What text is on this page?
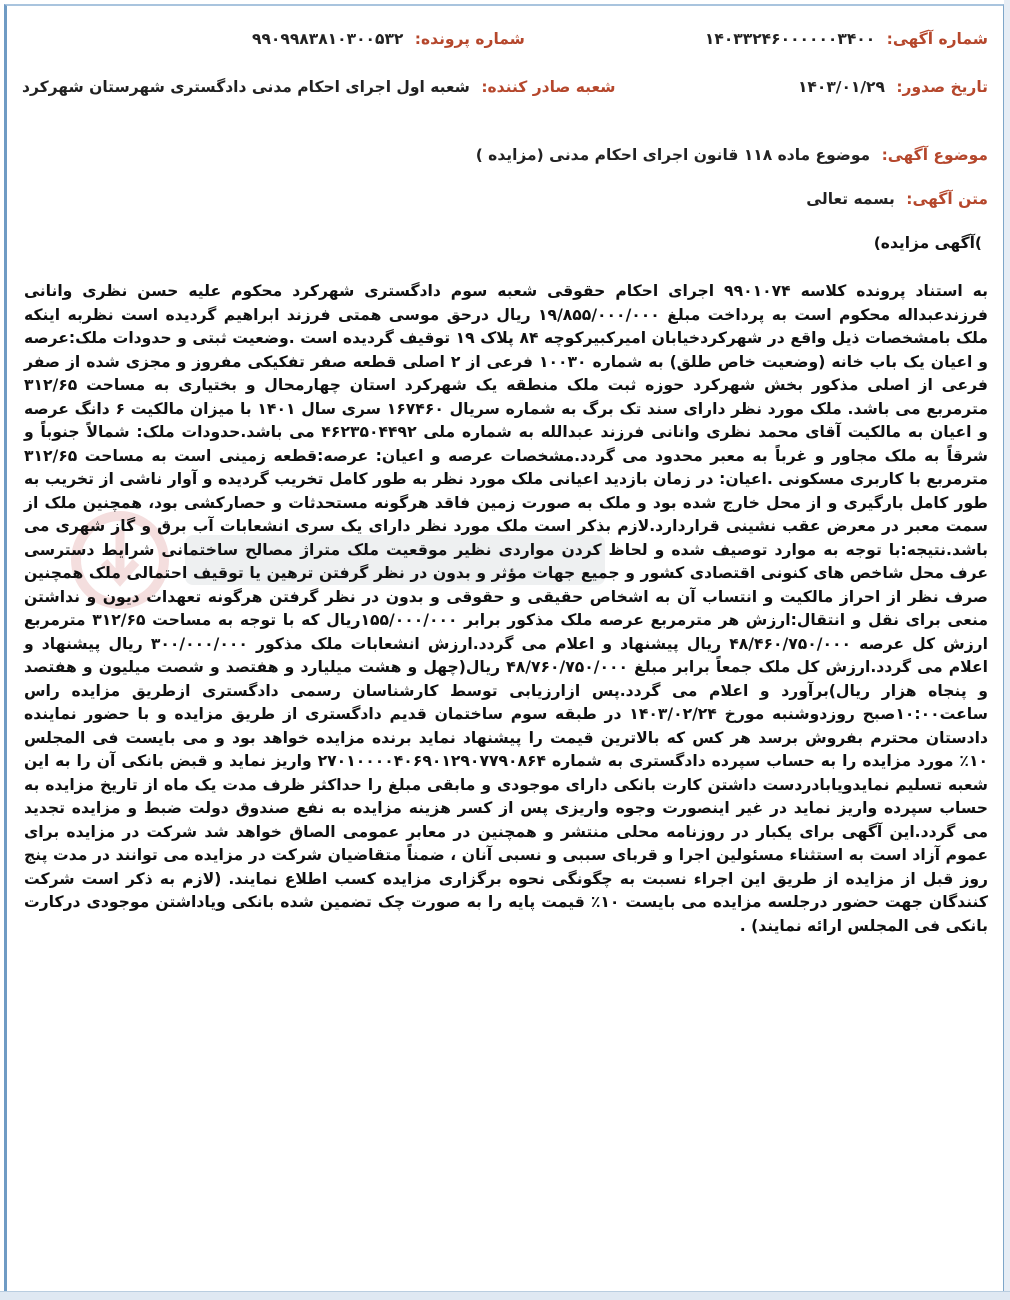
شماره آگهی: ۱۴۰۳۳۲۴۶۰۰۰۰۰۰۳۴۰۰
شماره پرونده: ۹۹۰۹۹۸۳۸۱۰۳۰۰۵۳۲
تاریخ صدور: ۱۴۰۳/۰۱/۲۹
شعبه صادر کننده: شعبه اول اجرای احکام مدنی دادگستری شهرستان شهرکرد
موضوع آگهی: موضوع ماده ۱۱۸ قانون اجرای احکام مدنی (مزایده )
متن آگهی: بسمه تعالی
)آگهی مزایده)
به استناد پرونده کلاسه ۹۹۰۱۰۷۴ اجرای احکام حقوقی شعبه سوم دادگستری شهرکرد محکوم علیه حسن نظری وانانی فرزندعبداله محکوم است به پرداخت مبلغ ۱۹/۸۵۵/۰۰۰/۰۰۰ ریال درحق موسی همتی فرزند ابراهیم گردیده است نظربه اینکه ملک بامشخصات ذیل واقع در شهرکردخیابان امیرکبیرکوچه ۸۴ پلاک ۱۹ توقیف گردیده است .وضعیت ثبتی و حدودات ملک:عرصه و اعیان یک باب خانه (وضعیت خاص طلق) به شماره ۱۰۰۳۰ فرعی از ۲ اصلی قطعه صفر تفکیکی مفروز و مجزی شده از صفر فرعی از اصلی مذکور بخش شهرکرد حوزه ثبت ملک منطقه یک شهرکرد استان چهارمحال و بختیاری به مساحت ۳۱۲/۶۵ مترمربع می باشد. ملک مورد نظر دارای سند تک برگ به شماره سریال ۱۶۷۴۶۰ سری سال ۱۴۰۱ با میزان مالکیت ۶ دانگ عرصه و اعیان به مالکیت آقای محمد نظری وانانی فرزند عبدالله به شماره ملی ۴۶۲۳۵۰۴۴۹۲ می باشد.حدودات ملک: شمالاً جنوباً و شرقاً به ملک مجاور و غرباً به معبر محدود می گردد.مشخصات عرصه و اعیان: عرصه:قطعه زمینی است به مساحت ۳۱۲/۶۵ مترمربع با کاربری مسکونی .اعیان: در زمان بازدید اعیانی ملک مورد نظر به طور کامل تخریب گردیده و آوار ناشی از تخریب به طور کامل بارگیری و از محل خارج شده بود و ملک به صورت زمین فاقد هرگونه مستحدثات و حصارکشی بود، همچنین ملک از سمت معبر در معرض عقب نشینی قراردارد.لازم بذکر است ملک مورد نظر دارای یک سری انشعابات آب برق و گاز شهری می باشد.نتیجه:با توجه به موارد توصیف شده و لحاظ کردن مواردی نظیر موقعیت ملک متراژ مصالح ساختمانی شرایط دسترسی عرف محل شاخص های کنونی اقتصادی کشور و جمیع جهات مؤثر و بدون در نظر گرفتن ترهین یا توقیف احتمالی ملک همچنین صرف نظر از احراز مالکیت و انتساب آن به اشخاص حقیقی و حقوقی و بدون در نظر گرفتن هرگونه تعهدات دیون و نداشتن منعی برای نقل و انتقال:ارزش هر مترمربع عرصه ملک مذکور برابر ۱۵۵/۰۰۰/۰۰۰ریال که با توجه به مساحت ۳۱۲/۶۵ مترمربع ارزش کل عرصه ۴۸/۴۶۰/۷۵۰/۰۰۰ ریال پیشنهاد و اعلام می گردد.ارزش انشعابات ملک مذکور ۳۰۰/۰۰۰/۰۰۰ ریال پیشنهاد و اعلام می گردد.ارزش کل ملک جمعاً برابر مبلغ ۴۸/۷۶۰/۷۵۰/۰۰۰ ریال(چهل و هشت میلیارد و هفتصد و شصت میلیون و هفتصد و پنجاه هزار ریال)برآورد و اعلام می گردد.پس ازارزیابی توسط کارشناسان رسمی دادگستری ازطریق مزایده راس ساعت۱۰:۰۰صبح روزدوشنبه مورخ ۱۴۰۳/۰۲/۲۴ در طبقه سوم ساختمان قدیم دادگستری از طریق مزایده و با حضور نماینده دادستان محترم بفروش برسد هر کس که بالاترین قیمت را پیشنهاد نماید برنده مزایده خواهد بود و می بایست فی المجلس ۱۰٪ مورد مزایده را به حساب سپرده دادگستری به شماره ۲۷۰۱۰۰۰۰۴۰۶۹۰۱۲۹۰۷۷۹۰۸۶۴ واریز نماید و قبض بانکی آن را به این شعبه تسلیم نمایدویابادردست داشتن کارت بانکی دارای موجودی و مابقی مبلغ را حداکثر ظرف مدت یک ماه از تاریخ مزایده به حساب سپرده واریز نماید در غیر اینصورت وجوه واریزی پس از کسر هزینه مزایده به نفع صندوق دولت ضبط و مزایده تجدید می گردد.این آگهی برای یکبار در روزنامه محلی منتشر و همچنین در معابر عمومی الصاق خواهد شد شرکت در مزایده برای عموم آزاد است به استثناء مسئولین اجرا و قربای سببی و نسبی آنان ، ضمناً متقاضیان شرکت در مزایده می توانند در مدت پنج روز قبل از مزایده از طریق این اجراء نسبت به چگونگی نحوه برگزاری مزایده کسب اطلاع نمایند. (لازم به ذکر است شرکت کنندگان جهت حضور درجلسه مزایده می بایست ۱۰٪ قیمت پایه را به صورت چک تضمین شده بانکی ویاداشتن موجودی درکارت بانکی فی المجلس ارائه نمایند) .
